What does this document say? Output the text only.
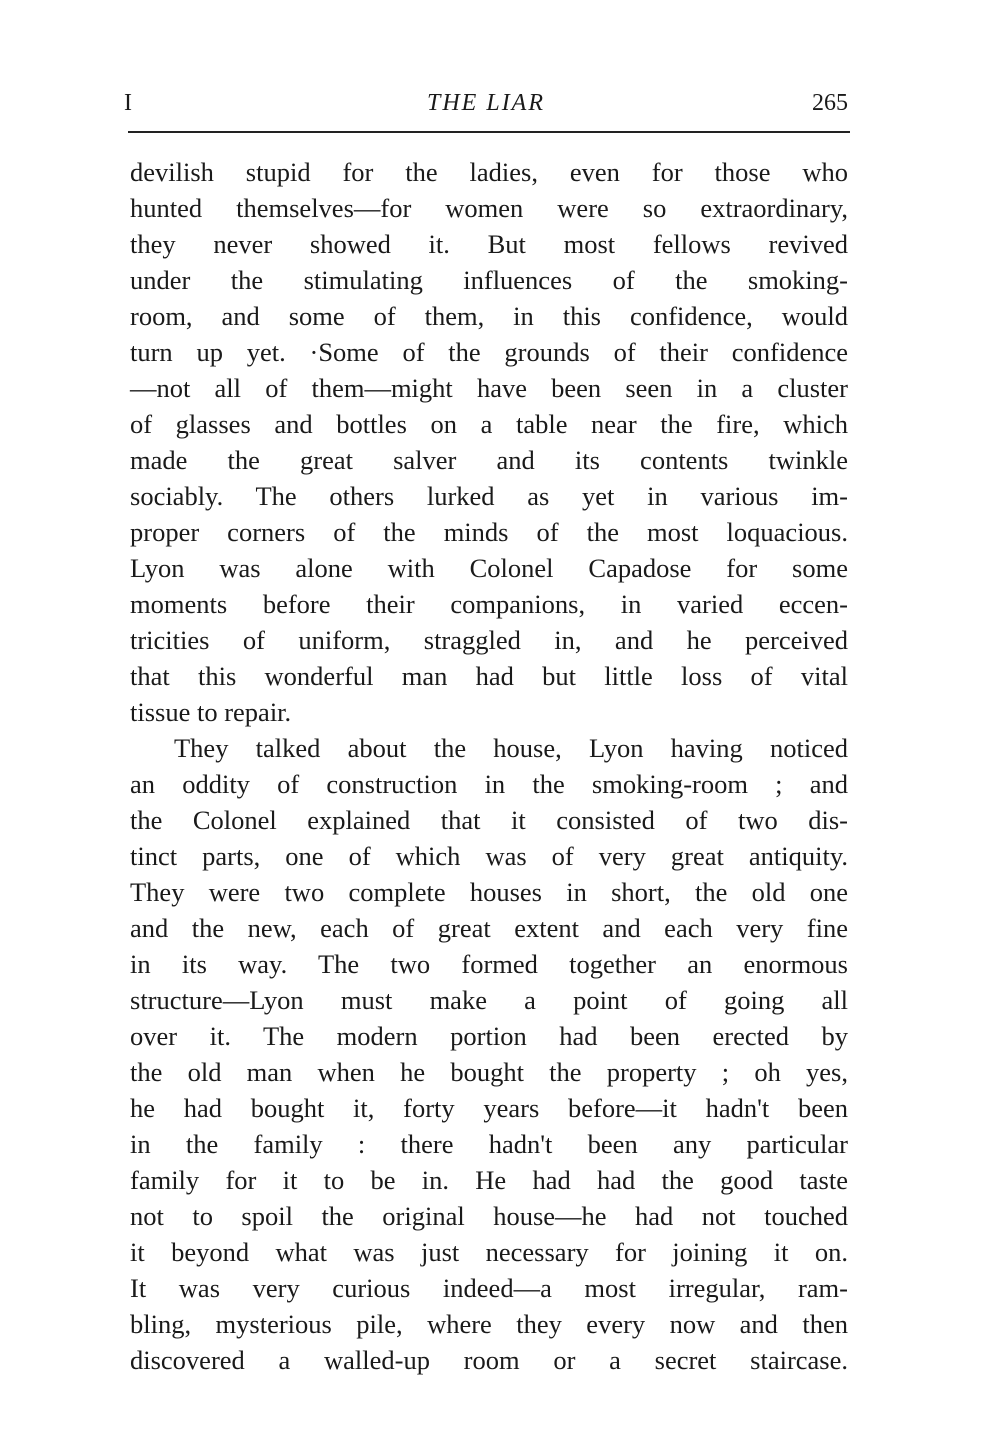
I	THE LIAR	265
devilish stupid for the ladies, even for those who
hunted themselves—for women were so extraordinary,
they never showed it. But most fellows revived
under the stimulating influences of the smoking-
room, and some of them, in this confidence, would
turn up yet. ·Some of the grounds of their confidence
—not all of them—might have been seen in a cluster
of glasses and bottles on a table near the fire, which
made the great salver and its contents twinkle
sociably. The others lurked as yet in various im-
proper corners of the minds of the most loquacious.
Lyon was alone with Colonel Capadose for some
moments before their companions, in varied eccen-
tricities of uniform, straggled in, and he perceived
that this wonderful man had but little loss of vital
tissue to repair.
They talked about the house, Lyon having noticed
an oddity of construction in the smoking-room ; and
the Colonel explained that it consisted of two dis-
tinct parts, one of which was of very great antiquity.
They were two complete houses in short, the old one
and the new, each of great extent and each very fine
in its way. The two formed together an enormous
structure—Lyon must make a point of going all
over it. The modern portion had been erected by
the old man when he bought the property ; oh yes,
he had bought it, forty years before—it hadn't been
in the family : there hadn't been any particular
family for it to be in. He had had the good taste
not to spoil the original house—he had not touched
it beyond what was just necessary for joining it on.
It was very curious indeed—a most irregular, ram-
bling, mysterious pile, where they every now and then
discovered a walled-up room or a secret staircase.
